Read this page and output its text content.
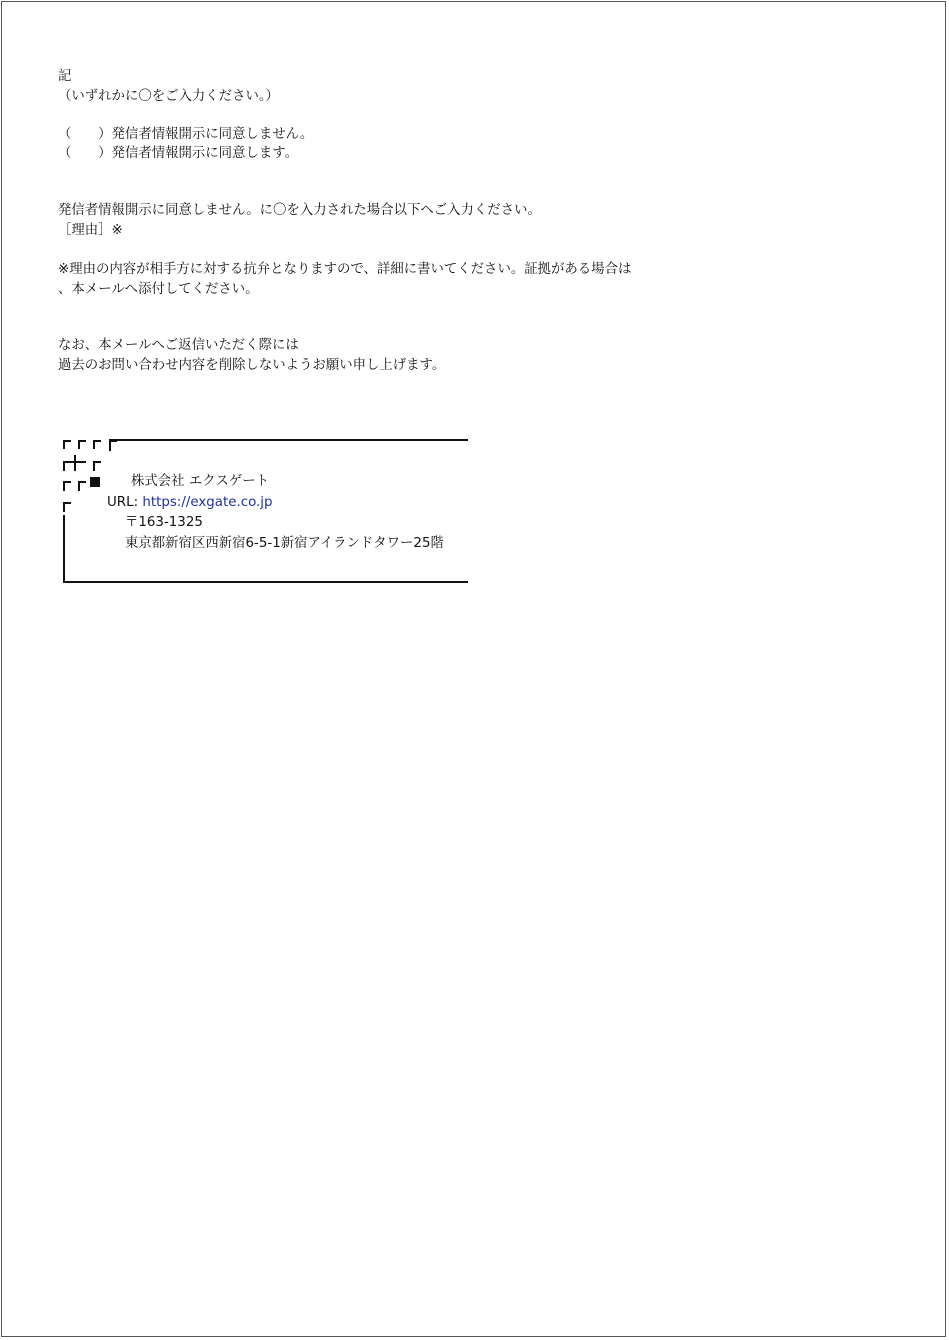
記
（いずれかに〇をご入力ください。）
（　　）発信者情報開示に同意しません。
（　　）発信者情報開示に同意します。
発信者情報開示に同意しません。に〇を入力された場合以下へご入力ください。
［理由］※
※理由の内容が相手方に対する抗弁となりますので、詳細に書いてください。証拠がある場合は
、本メールへ添付してください。
なお、本メールへご返信いただく際には
過去のお問い合わせ内容を削除しないようお願い申し上げます。
株式会社 エクスゲート
URL: https://exgate.co.jp
〒163-1325
東京都新宿区西新宿6-5-1新宿アイランドタワー25階
